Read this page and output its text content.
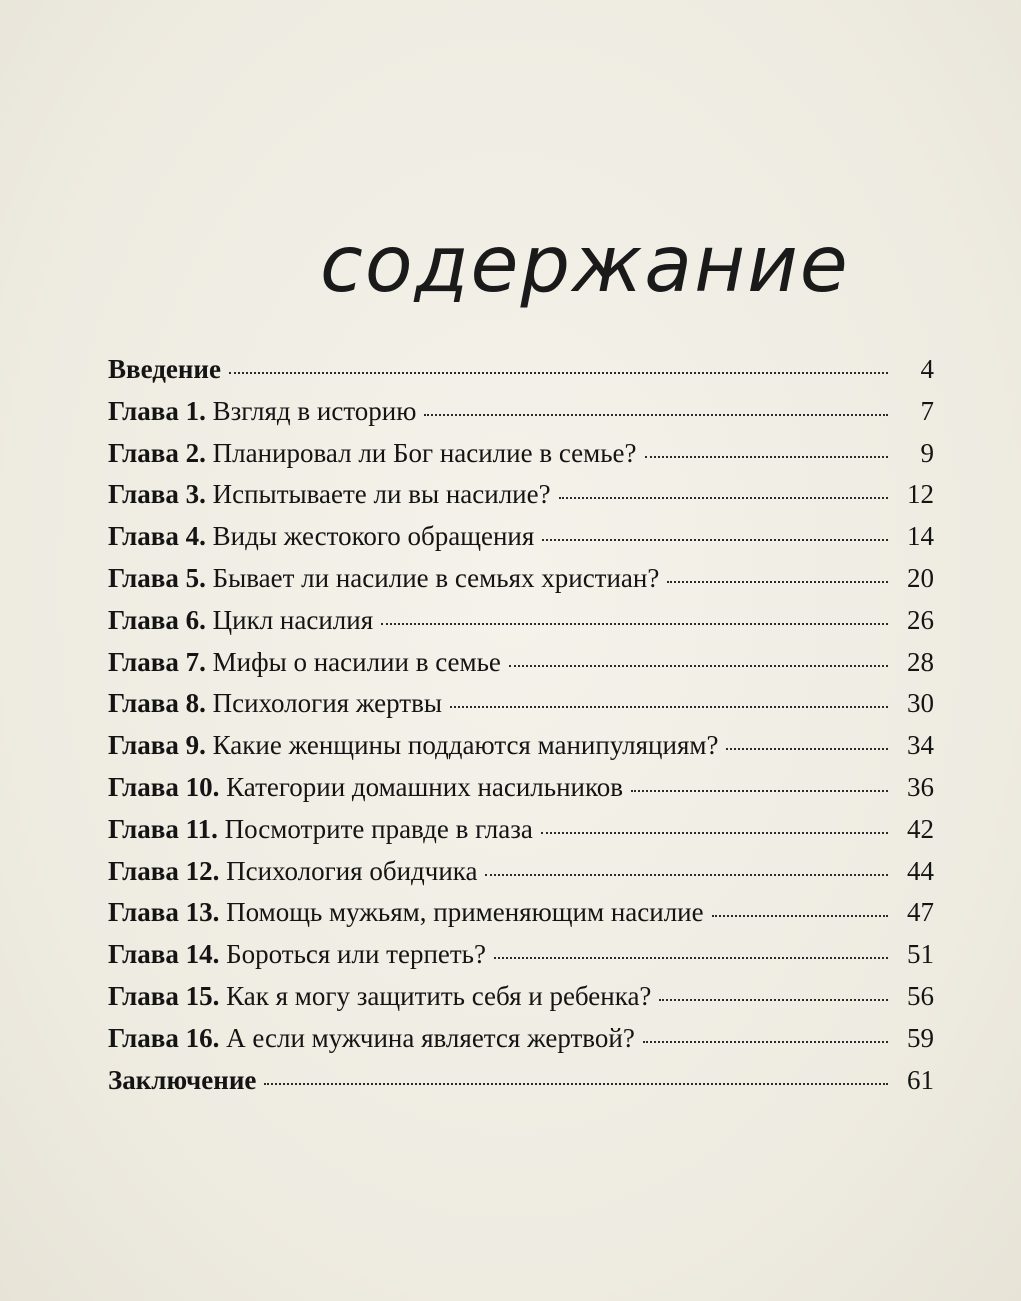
содержание
Введение	4
Глава 1. Взгляд в историю	7
Глава 2. Планировал ли Бог насилие в семье?	9
Глава 3. Испытываете ли вы насилие?	12
Глава 4. Виды жестокого обращения	14
Глава 5. Бывает ли насилие в семьях христиан?	20
Глава 6. Цикл насилия	26
Глава 7. Мифы о насилии в семье	28
Глава 8. Психология жертвы	30
Глава 9. Какие женщины поддаются манипуляциям?	34
Глава 10. Категории домашних насильников	36
Глава 11. Посмотрите правде в глаза	42
Глава 12. Психология обидчика	44
Глава 13. Помощь мужьям, применяющим насилие	47
Глава 14. Бороться или терпеть?	51
Глава 15. Как я могу защитить себя и ребенка?	56
Глава 16. А если мужчина является жертвой?	59
Заключение	61
